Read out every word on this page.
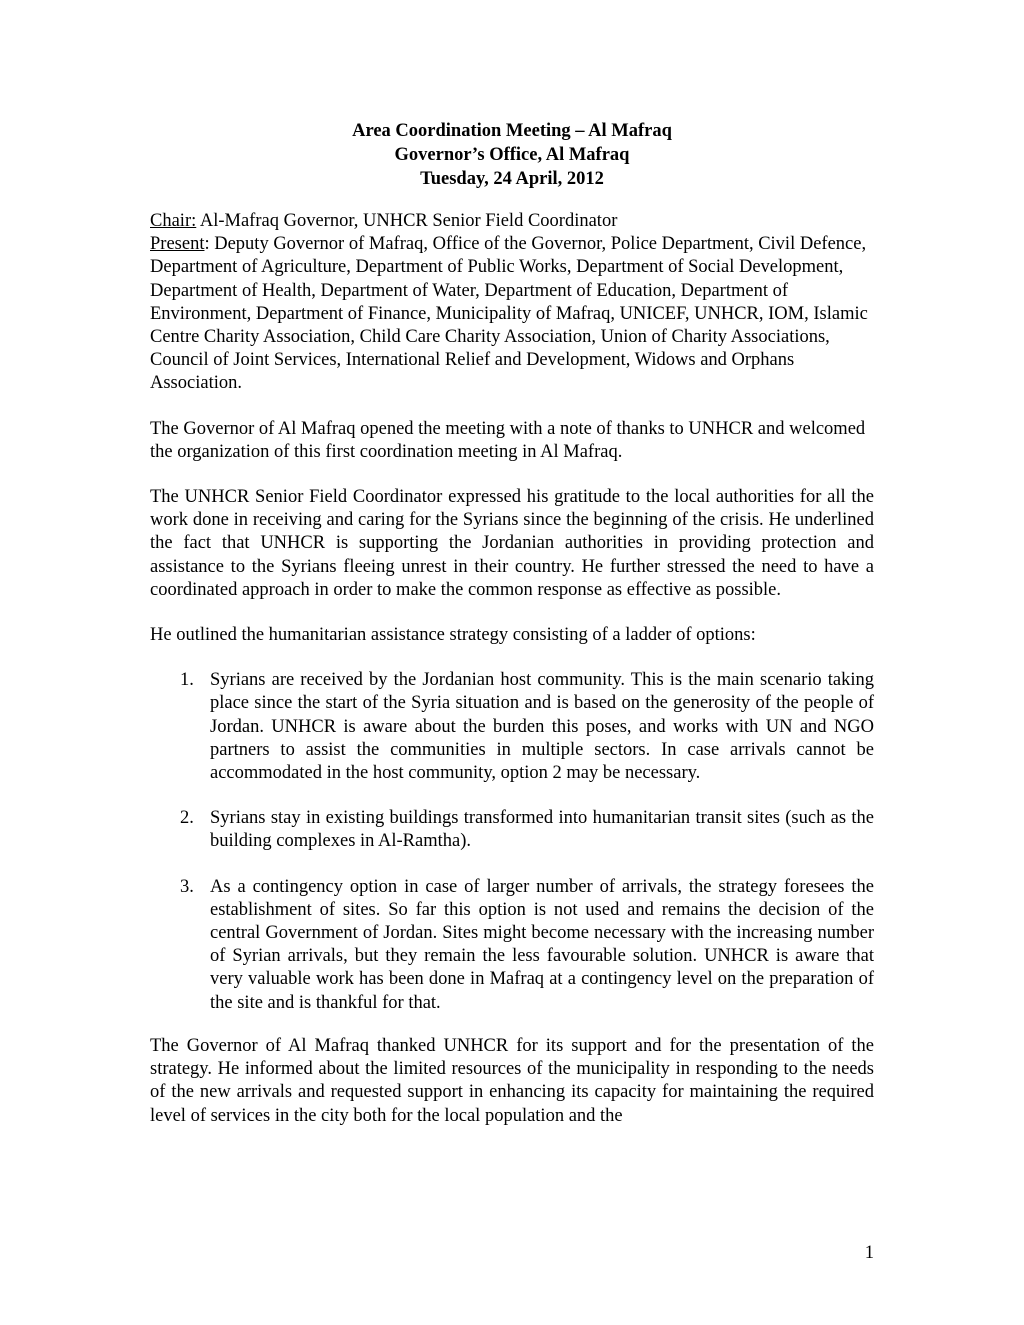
Area Coordination Meeting – Al Mafraq
Governor’s Office, Al Mafraq
Tuesday, 24 April, 2012
Chair: Al-Mafraq Governor, UNHCR Senior Field Coordinator
Present: Deputy Governor of Mafraq, Office of the Governor, Police Department, Civil Defence, Department of Agriculture, Department of Public Works, Department of Social Development, Department of Health, Department of Water, Department of Education, Department of Environment, Department of Finance, Municipality of Mafraq, UNICEF, UNHCR, IOM, Islamic Centre Charity Association, Child Care Charity Association, Union of Charity Associations, Council of Joint Services, International Relief and Development, Widows and Orphans Association.

The Governor of Al Mafraq opened the meeting with a note of thanks to UNHCR and welcomed the organization of this first coordination meeting in Al Mafraq.

The UNHCR Senior Field Coordinator expressed his gratitude to the local authorities for all the work done in receiving and caring for the Syrians since the beginning of the crisis. He underlined the fact that UNHCR is supporting the Jordanian authorities in providing protection and assistance to the Syrians fleeing unrest in their country. He further stressed the need to have a coordinated approach in order to make the common response as effective as possible.

He outlined the humanitarian assistance strategy consisting of a ladder of options:

1. Syrians are received by the Jordanian host community. This is the main scenario taking place since the start of the Syria situation and is based on the generosity of the people of Jordan. UNHCR is aware about the burden this poses, and works with UN and NGO partners to assist the communities in multiple sectors. In case arrivals cannot be accommodated in the host community, option 2 may be necessary.
2. Syrians stay in existing buildings transformed into humanitarian transit sites (such as the building complexes in Al-Ramtha).
3. As a contingency option in case of larger number of arrivals, the strategy foresees the establishment of sites. So far this option is not used and remains the decision of the central Government of Jordan. Sites might become necessary with the increasing number of Syrian arrivals, but they remain the less favourable solution. UNHCR is aware that very valuable work has been done in Mafraq at a contingency level on the preparation of the site and is thankful for that.

The Governor of Al Mafraq thanked UNHCR for its support and for the presentation of the strategy. He informed about the limited resources of the municipality in responding to the needs of the new arrivals and requested support in enhancing its capacity for maintaining the required level of services in the city both for the local population and the

1
